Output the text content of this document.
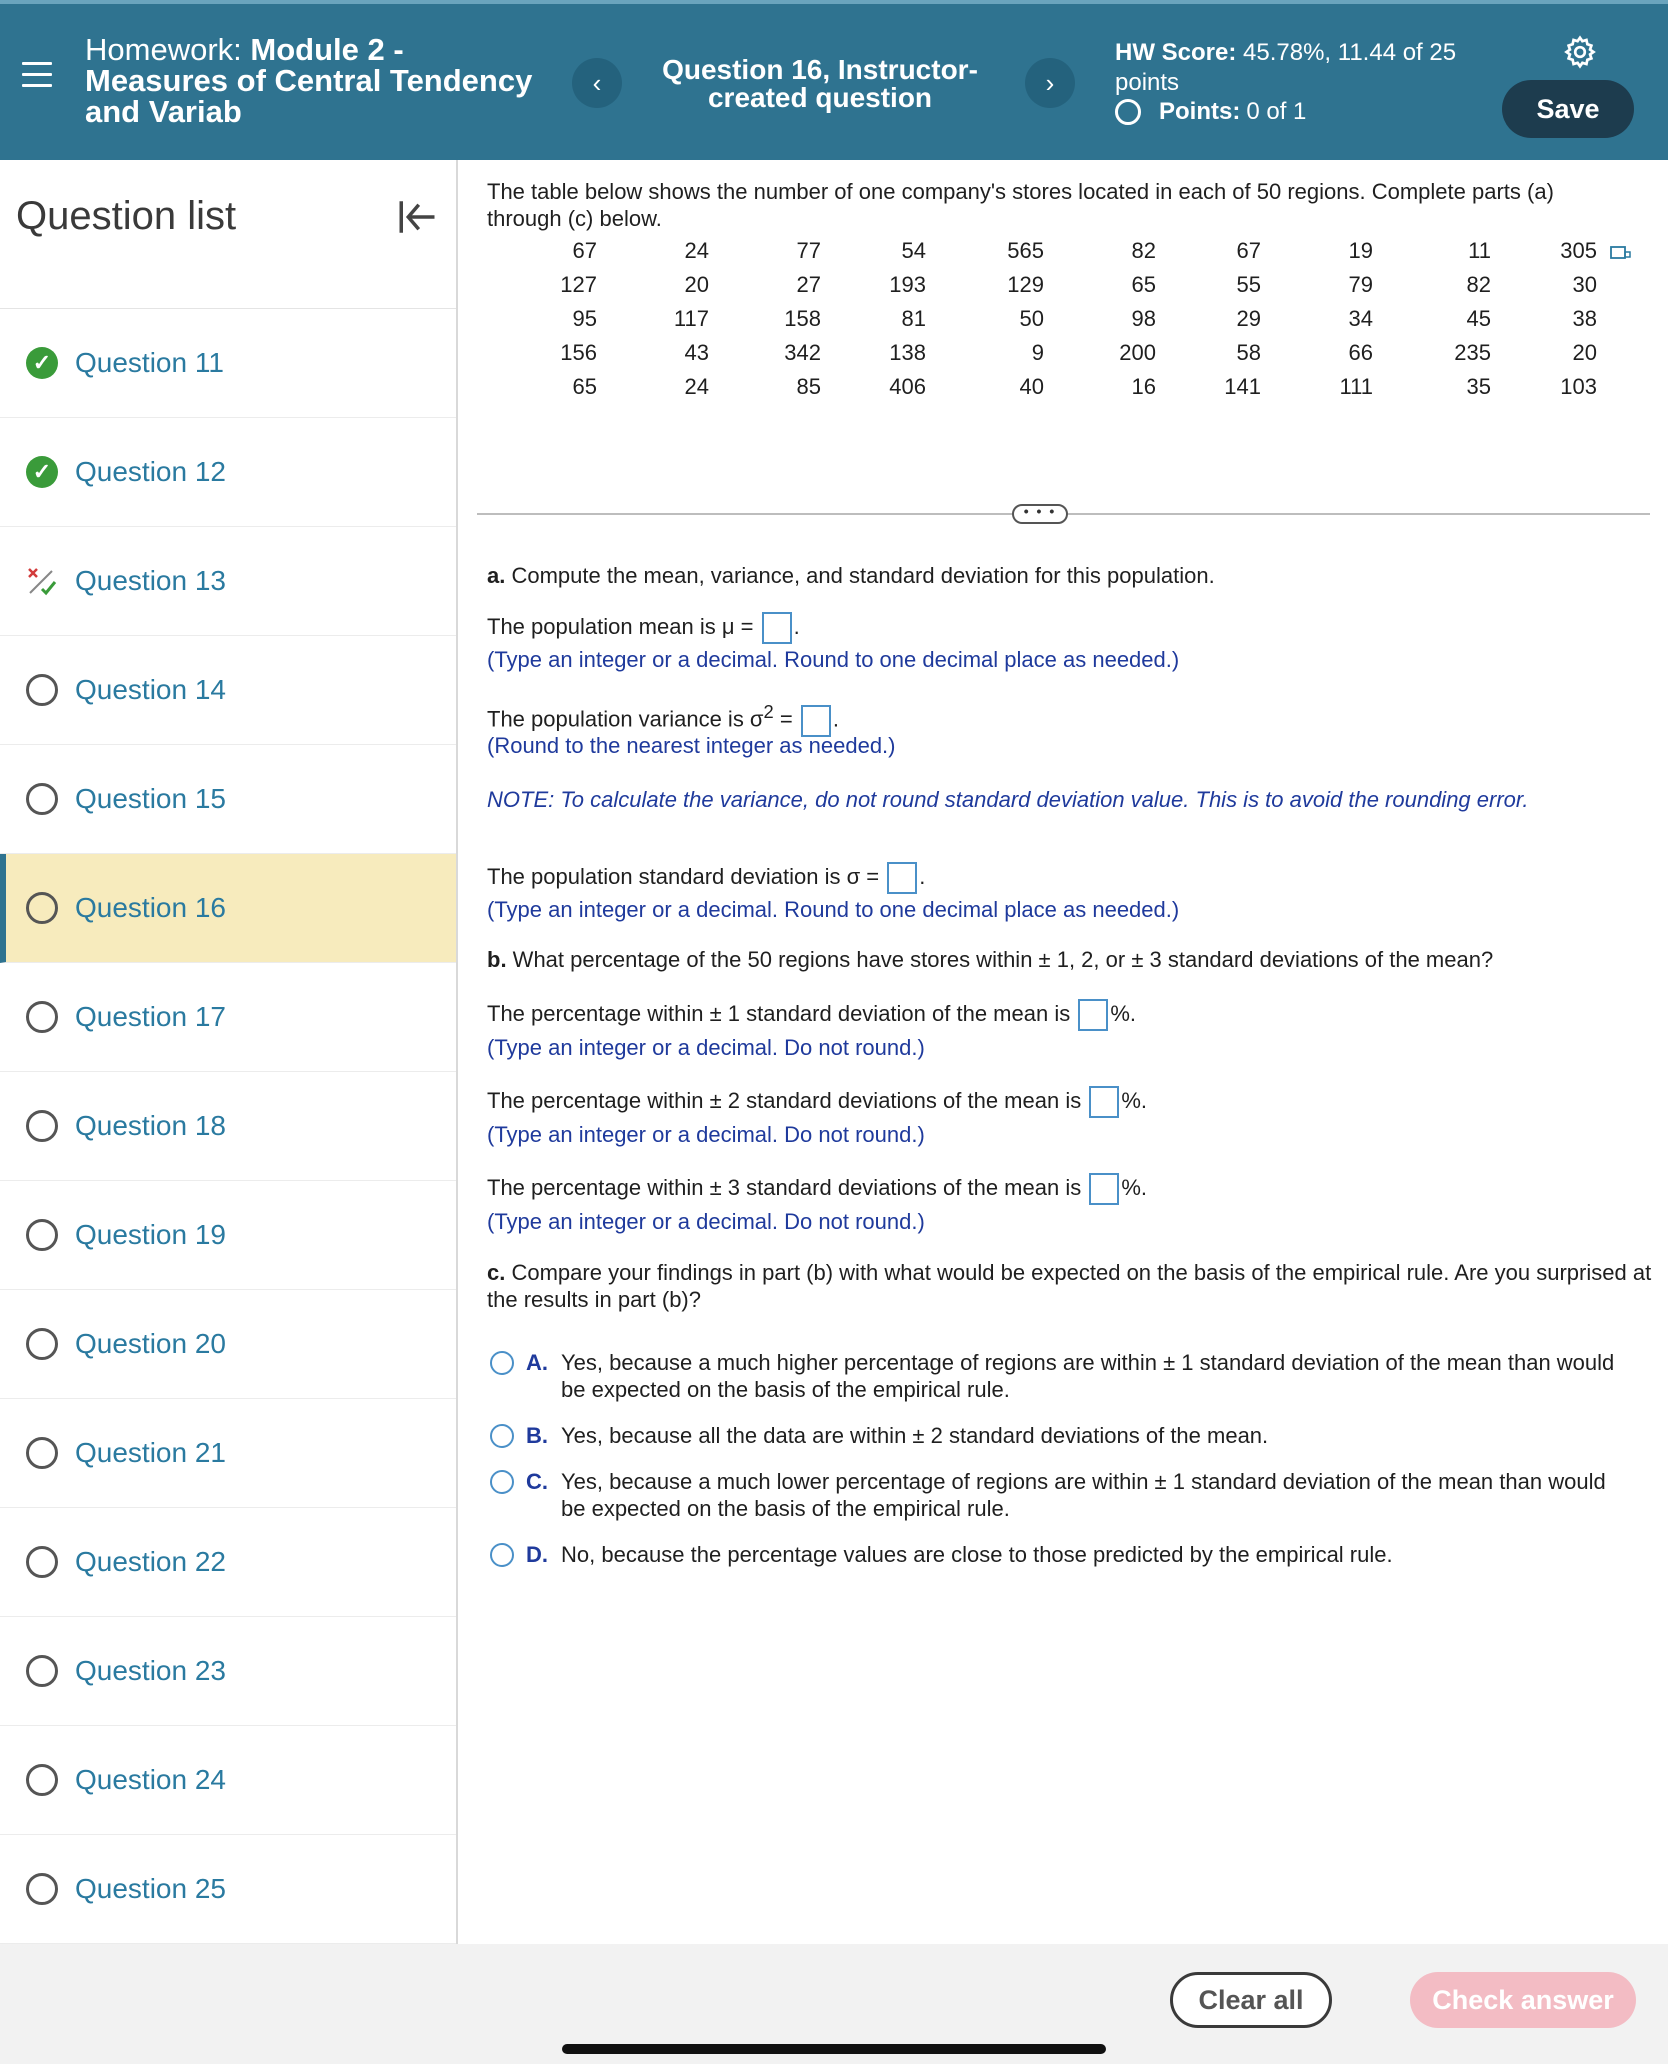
Homework: Module 2 - Measures of Central Tendency and Variab
‹	Question 16, Instructor-created question	›
HW Score: 45.78%, 11.44 of 25 points
Points: 0 of 1	Save
Question list
✓ Question 11
✓ Question 12
Question 13
Question 14
Question 15
Question 16
Question 17
Question 18
Question 19
Question 20
Question 21
Question 22
Question 23
Question 24
Question 25
The table below shows the number of one company's stores located in each of 50 regions. Complete parts (a) through (c) below.
67	24	77	54	565	82	67	19	11	305
127	20	27	193	129	65	55	79	82	30
95	117	158	81	50	98	29	34	45	38
156	43	342	138	9	200	58	66	235	20
65	24	85	406	40	16	141	111	35	103
• • •
a. Compute the mean, variance, and standard deviation for this population.
The population mean is μ = .
(Type an integer or a decimal. Round to one decimal place as needed.)
The population variance is $\sigma^2$ = .
(Round to the nearest integer as needed.)
NOTE: To calculate the variance, do not round standard deviation value. This is to avoid the rounding error.
The population standard deviation is σ = .
(Type an integer or a decimal. Round to one decimal place as needed.)
b. What percentage of the 50 regions have stores within ± 1, 2, or ± 3 standard deviations of the mean?
The percentage within ± 1 standard deviation of the mean is %.
(Type an integer or a decimal. Do not round.)
The percentage within ± 2 standard deviations of the mean is %.
(Type an integer or a decimal. Do not round.)
The percentage within ± 3 standard deviations of the mean is %.
(Type an integer or a decimal. Do not round.)
c. Compare your findings in part (b) with what would be expected on the basis of the empirical rule. Are you surprised at the results in part (b)?
A. Yes, because a much higher percentage of regions are within ± 1 standard deviation of the mean than would be expected on the basis of the empirical rule.
B. Yes, because all the data are within ± 2 standard deviations of the mean.
C. Yes, because a much lower percentage of regions are within ± 1 standard deviation of the mean than would be expected on the basis of the empirical rule.
D. No, because the percentage values are close to those predicted by the empirical rule.
Clear all	Check answer
